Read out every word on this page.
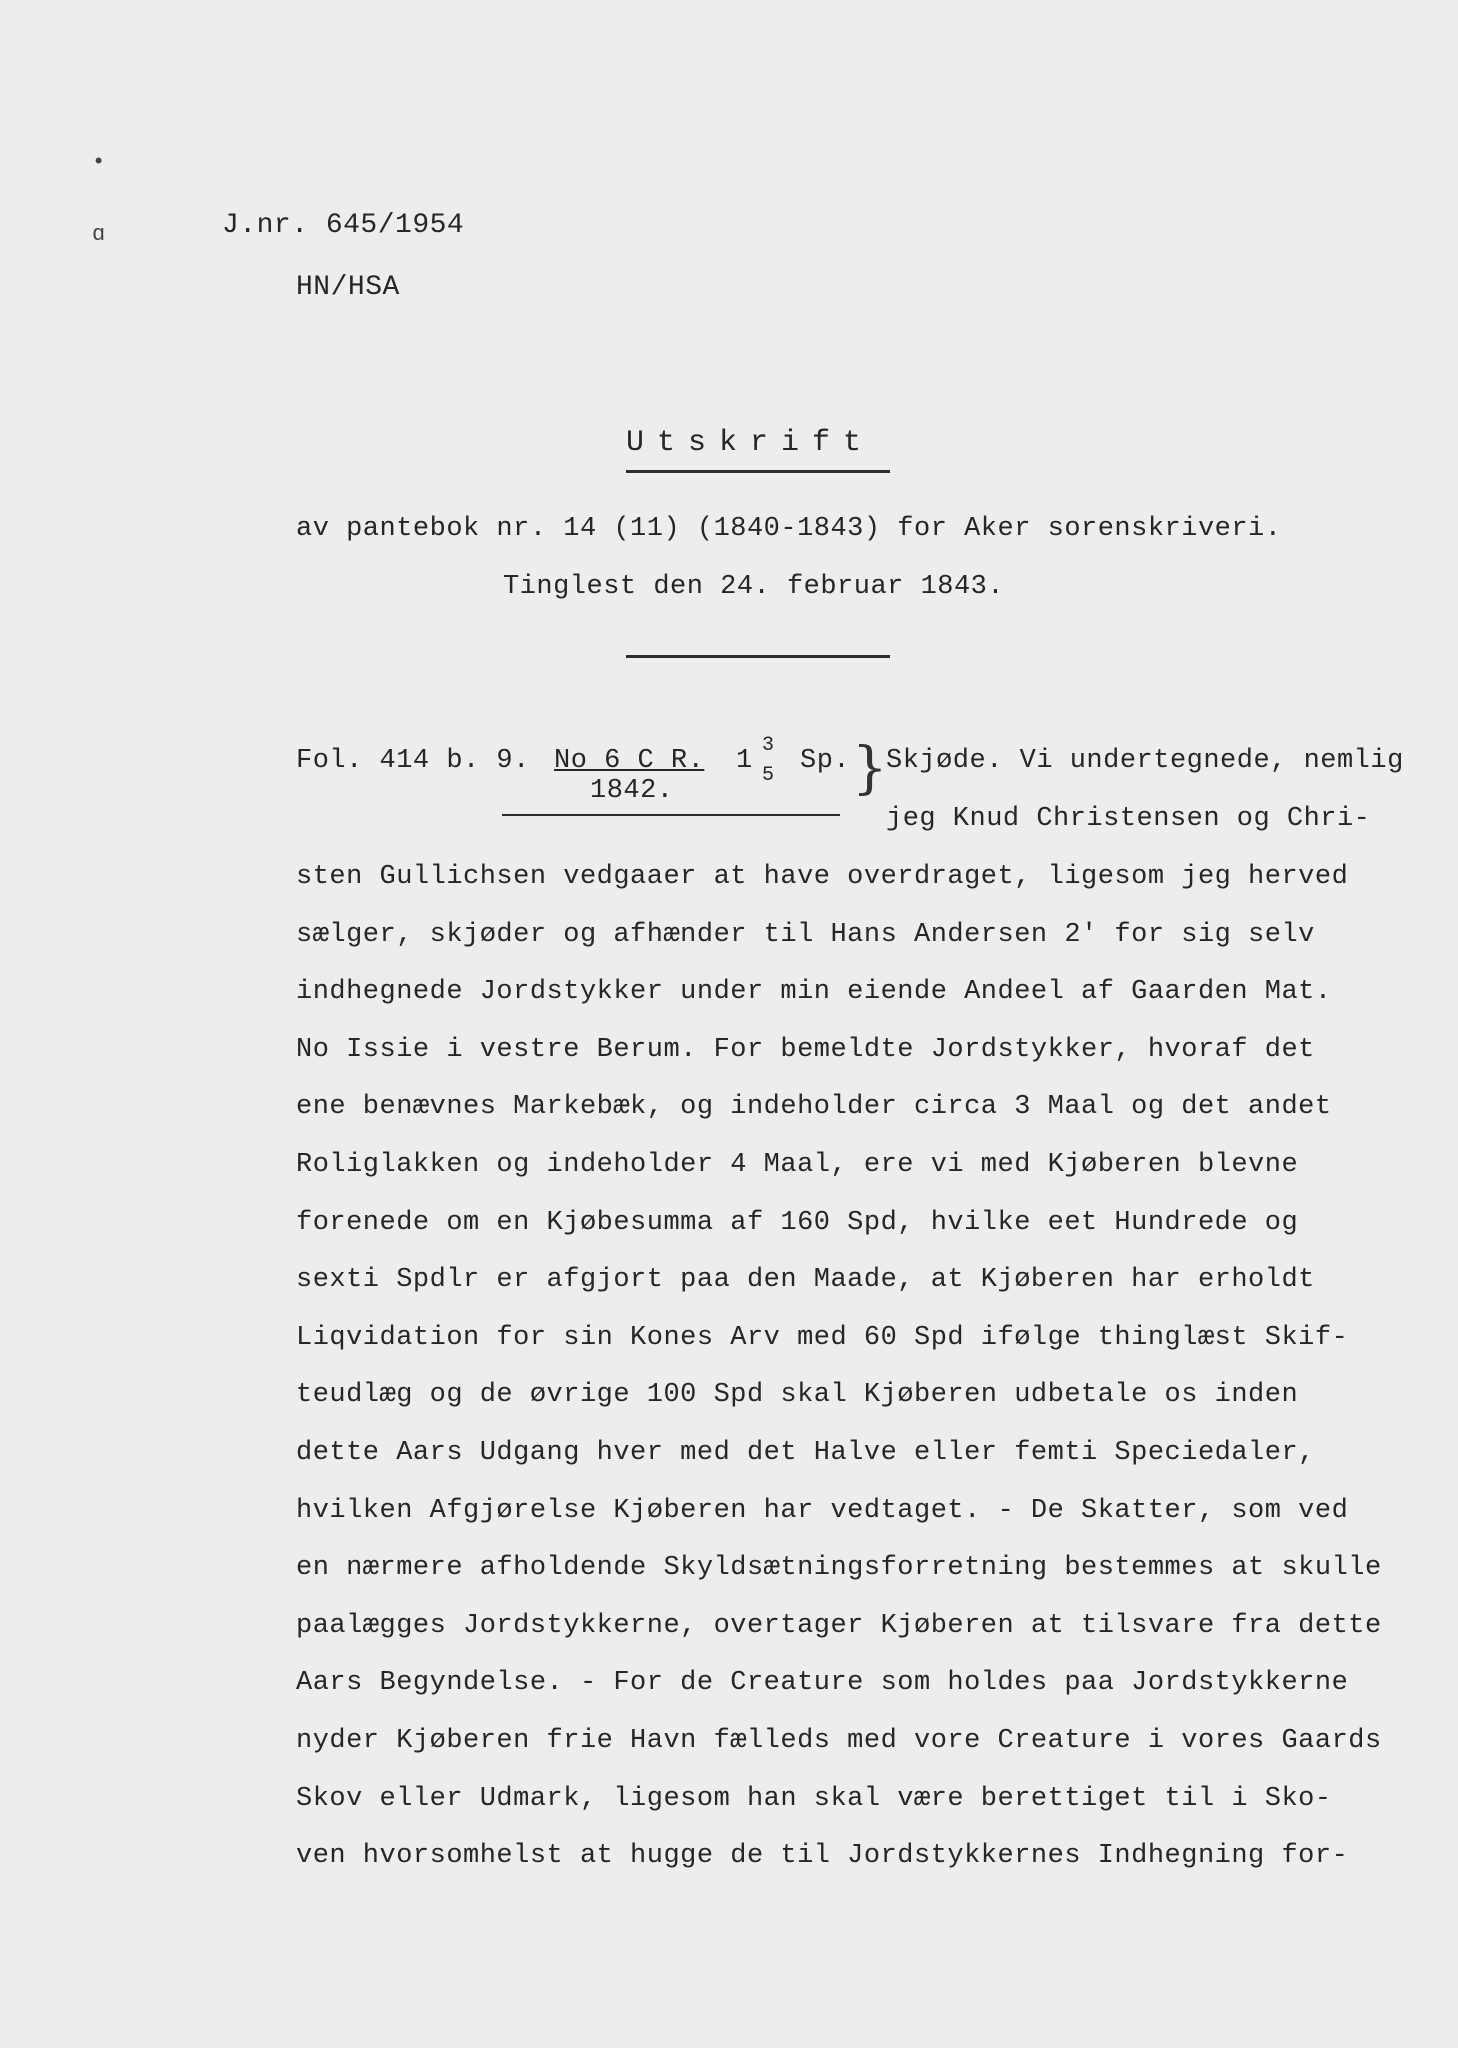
•
ɑ	J.nr. 645/1954
HN/HSA
Utskrift
av pantebok nr. 14 (11) (1840-1843) for Aker sorenskriveri.
Tinglest den 24. februar 1843.
Fol. 414 b. 9. No 6 C R.
1842.
1
3
5 Sp. }
Skjøde. Vi undertegnede, nemlig
jeg Knud Christensen og Chri-
sten Gullichsen vedgaaer at have overdraget, ligesom jeg herved
sælger, skjøder og afhænder til Hans Andersen 2' for sig selv
indhegnede Jordstykker under min eiende Andeel af Gaarden Mat.
No Issie i vestre Berum. For bemeldte Jordstykker, hvoraf det
ene benævnes Markebæk, og indeholder circa 3 Maal og det andet
Roliglakken og indeholder 4 Maal, ere vi med Kjøberen blevne
forenede om en Kjøbesumma af 160 Spd, hvilke eet Hundrede og
sexti Spdlr er afgjort paa den Maade, at Kjøberen har erholdt
Liqvidation for sin Kones Arv med 60 Spd ifølge thinglæst Skif-
teudlæg og de øvrige 100 Spd skal Kjøberen udbetale os inden
dette Aars Udgang hver med det Halve eller femti Speciedaler,
hvilken Afgjørelse Kjøberen har vedtaget. - De Skatter, som ved
en nærmere afholdende Skyldsætningsforretning bestemmes at skulle
paalægges Jordstykkerne, overtager Kjøberen at tilsvare fra dette
Aars Begyndelse. - For de Creature som holdes paa Jordstykkerne
nyder Kjøberen frie Havn fælleds med vore Creature i vores Gaards
Skov eller Udmark, ligesom han skal være berettiget til i Sko-
ven hvorsomhelst at hugge de til Jordstykkernes Indhegning for-
